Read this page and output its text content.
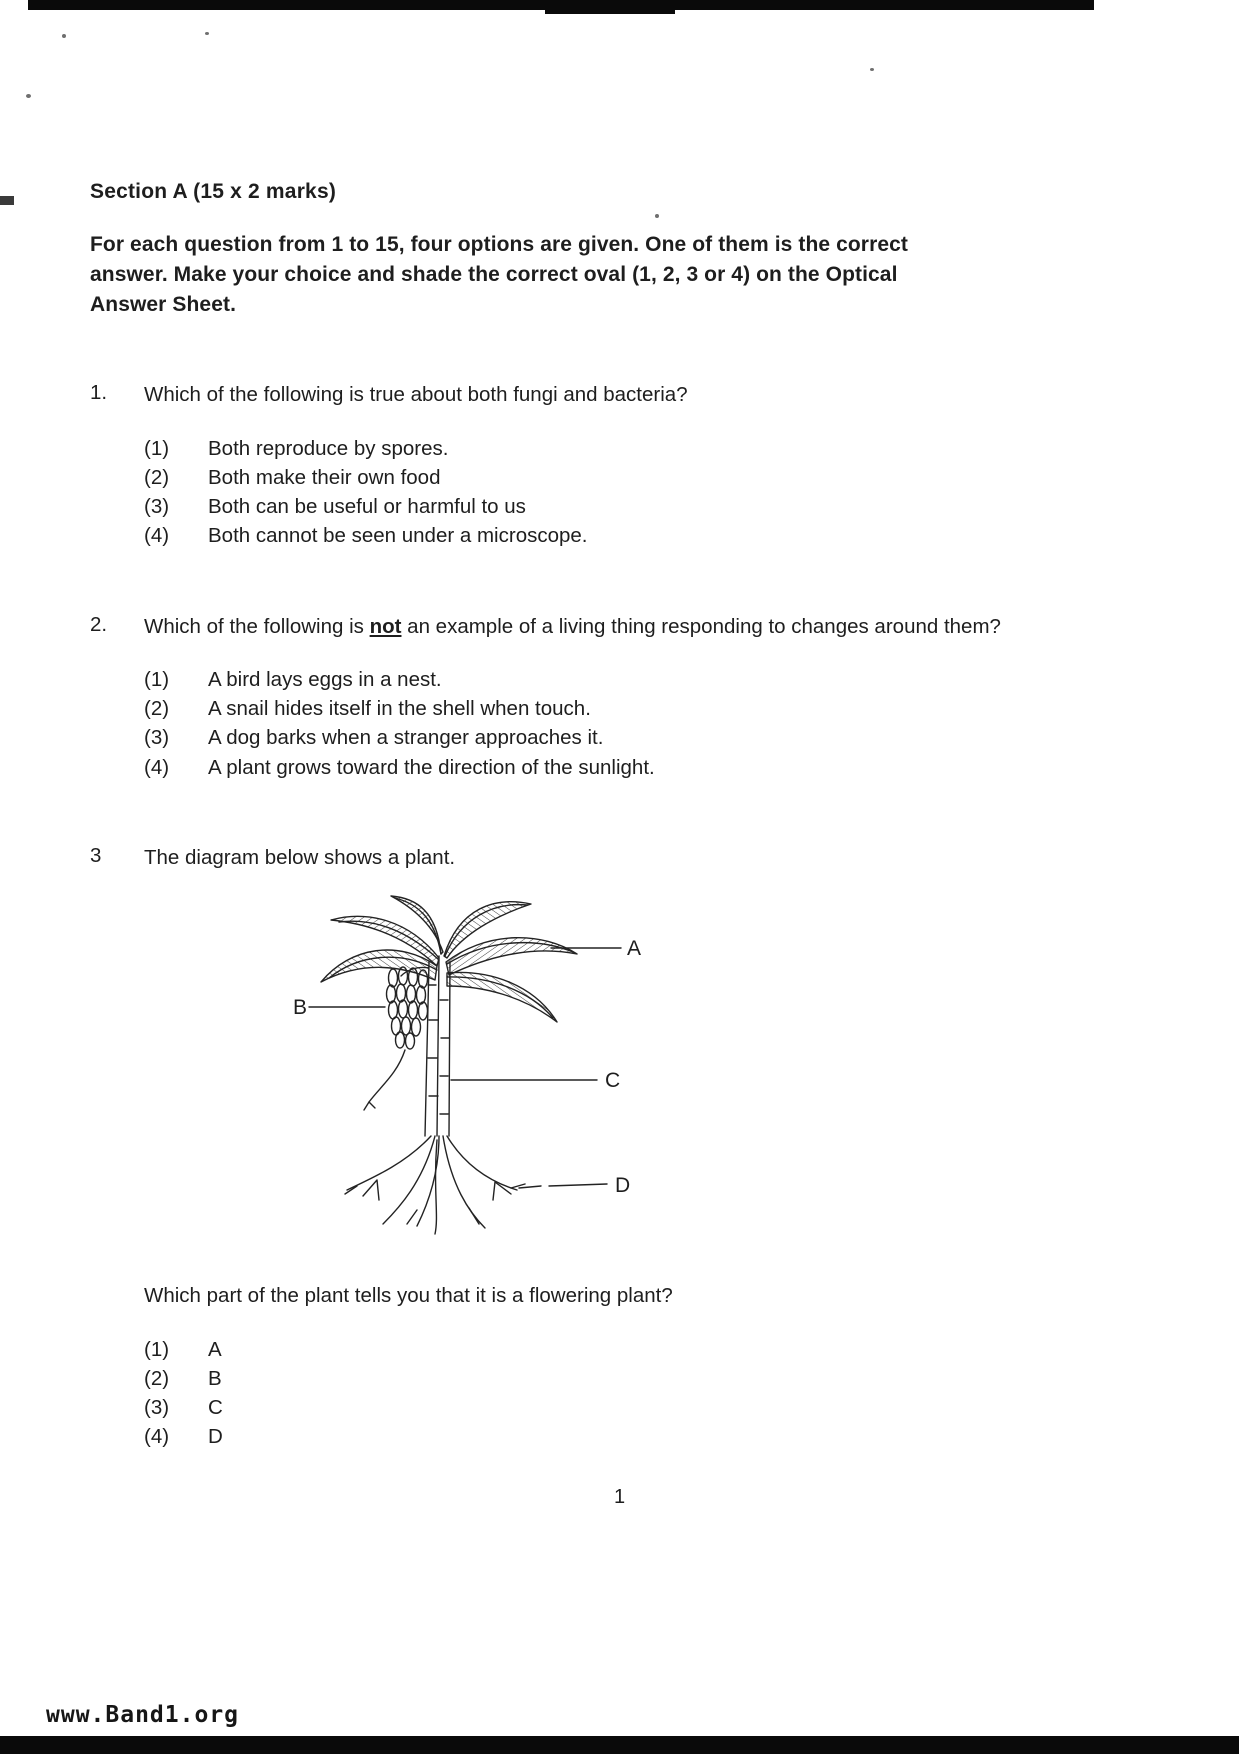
Section A (15 x 2 marks)
For each question from 1 to 15, four options are given. One of them is the correct answer. Make your choice and shade the correct oval (1, 2, 3 or 4) on the Optical Answer Sheet.
1.	Which of the following is true about both fungi and bacteria?
(1)	Both reproduce by spores.
(2)	Both make their own food
(3)	Both can be useful or harmful to us
(4)	Both cannot be seen under a microscope.
2.	Which of the following is not an example of a living thing responding to changes around them?
(1)	A bird lays eggs in a nest.
(2)	A snail hides itself in the shell when touch.
(3)	A dog barks when a stranger approaches it.
(4)	A plant grows toward the direction of the sunlight.
3	The diagram below shows a plant.
A
B
C
D
Which part of the plant tells you that it is a flowering plant?
(1)	A
(2)	B
(3)	C
(4)	D
1
www.Band1.org
